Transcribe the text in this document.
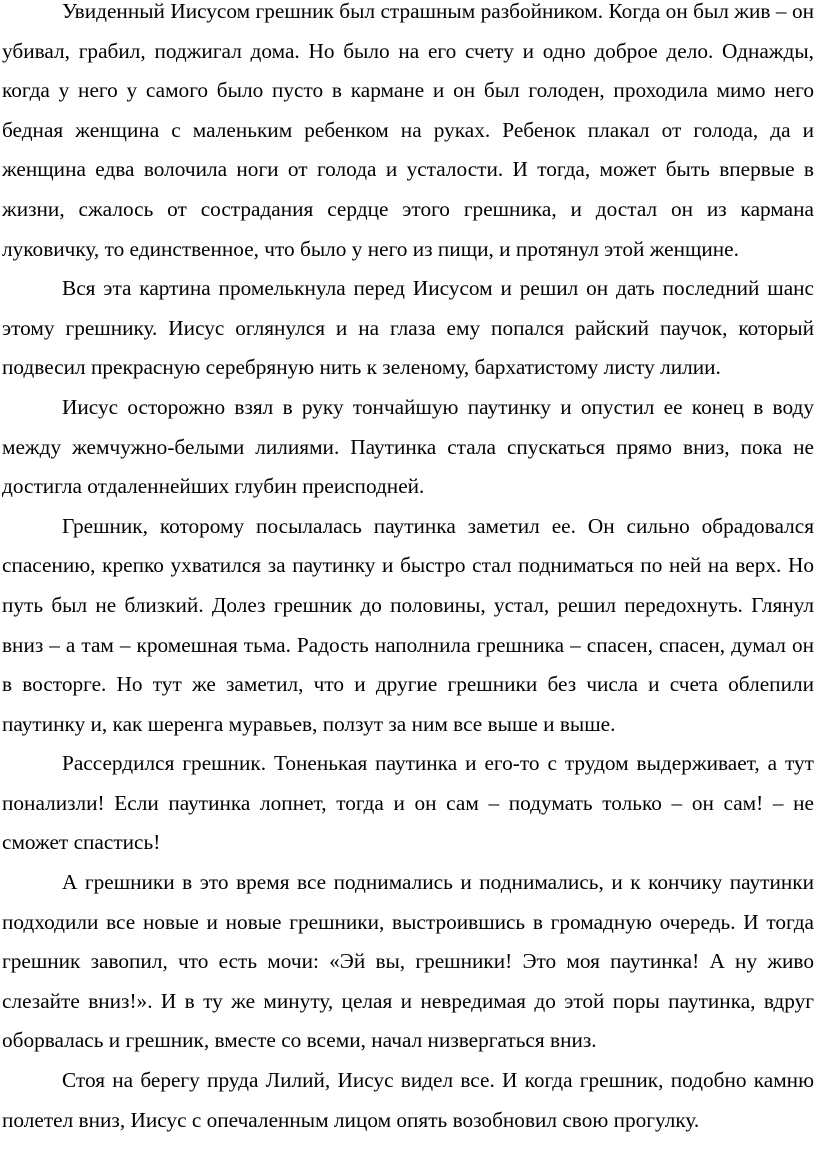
Увиденный Иисусом грешник был страшным разбойником. Когда он был жив – он убивал, грабил, поджигал дома. Но было на его счету и одно доброе дело. Однажды, когда у него у самого было пусто в кармане и он был голоден, проходила мимо него бедная женщина с маленьким ребенком на руках. Ребенок плакал от голода, да и женщина едва волочила ноги от голода и усталости. И тогда, может быть впервые в жизни, сжалось от сострадания сердце этого грешника, и достал он из кармана луковичку, то единственное, что было у него из пищи, и протянул этой женщине.

Вся эта картина промелькнула перед Иисусом и решил он дать последний шанс этому грешнику. Иисус оглянулся и на глаза ему попался райский паучок, который подвесил прекрасную серебряную нить к зеленому, бархатистому листу лилии.

Иисус осторожно взял в руку тончайшую паутинку и опустил ее конец в воду между жемчужно-белыми лилиями. Паутинка стала спускаться прямо вниз, пока не достигла отдаленнейших глубин преисподней.

Грешник, которому посылалась паутинка заметил ее. Он сильно обрадовался спасению, крепко ухватился за паутинку и быстро стал подниматься по ней на верх. Но путь был не близкий. Долез грешник до половины, устал, решил передохнуть. Глянул вниз – а там – кромешная тьма. Радость наполнила грешника – спасен, спасен, думал он в восторге. Но тут же заметил, что и другие грешники без числа и счета облепили паутинку и, как шеренга муравьев, ползут за ним все выше и выше.

Рассердился грешник. Тоненькая паутинка и его-то с трудом выдерживает, а тут понализли! Если паутинка лопнет, тогда и он сам – подумать только – он сам! – не сможет спастись!

А грешники в это время все поднимались и поднимались, и к кончику паутинки подходили все новые и новые грешники, выстроившись в громадную очередь. И тогда грешник завопил, что есть мочи: «Эй вы, грешники! Это моя паутинка! А ну живо слезайте вниз!». И в ту же минуту, целая и невредимая до этой поры паутинка, вдруг оборвалась и грешник, вместе со всеми, начал низвергаться вниз.

Стоя на берегу пруда Лилий, Иисус видел все. И когда грешник, подобно камню полетел вниз, Иисус с опечаленным лицом опять возобновил свою прогулку.
